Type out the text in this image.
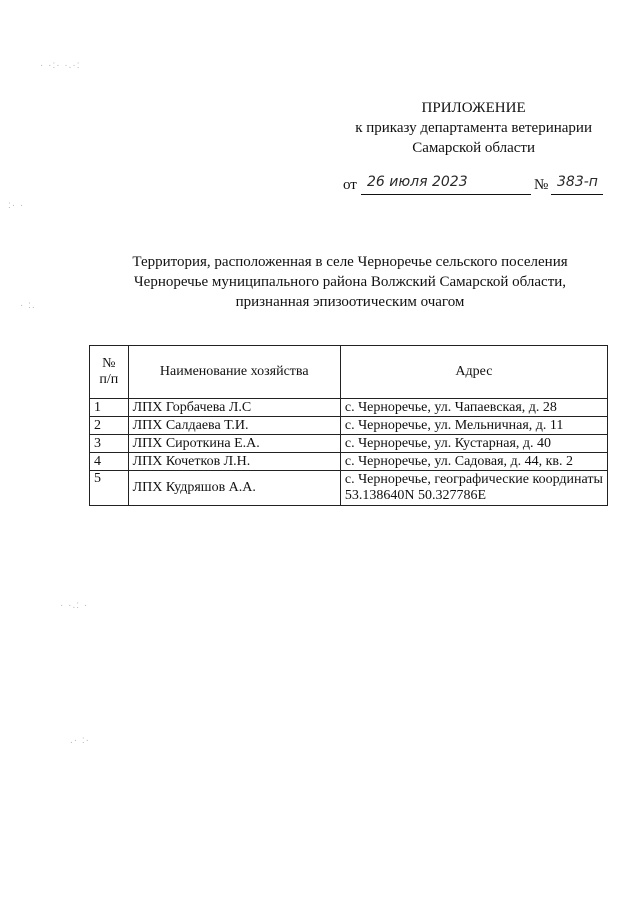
· ·:· ·.·:
:· ·
· :.
· ·.: ·
.· :·
ПРИЛОЖЕНИЕ
к приказу департамента ветеринарии
Самарской области
от 26 июля 2023	№ 383-п
Территория, расположенная в селе Черноречье сельского поселения
Черноречье муниципального района Волжский Самарской области,
признанная эпизоотическим очагом
№
п/п	Наименование хозяйства	Адрес
1	ЛПХ Горбачева Л.С	с. Черноречье, ул. Чапаевская, д. 28
2	ЛПХ Салдаева Т.И.	с. Черноречье, ул. Мельничная, д. 11
3	ЛПХ Сироткина Е.А.	с. Черноречье, ул. Кустарная, д. 40
4	ЛПХ Кочетков Л.Н.	с. Черноречье, ул. Садовая, д. 44, кв. 2
5	ЛПХ Кудряшов А.А.	с. Черноречье, географические координаты 53.138640N 50.327786E
